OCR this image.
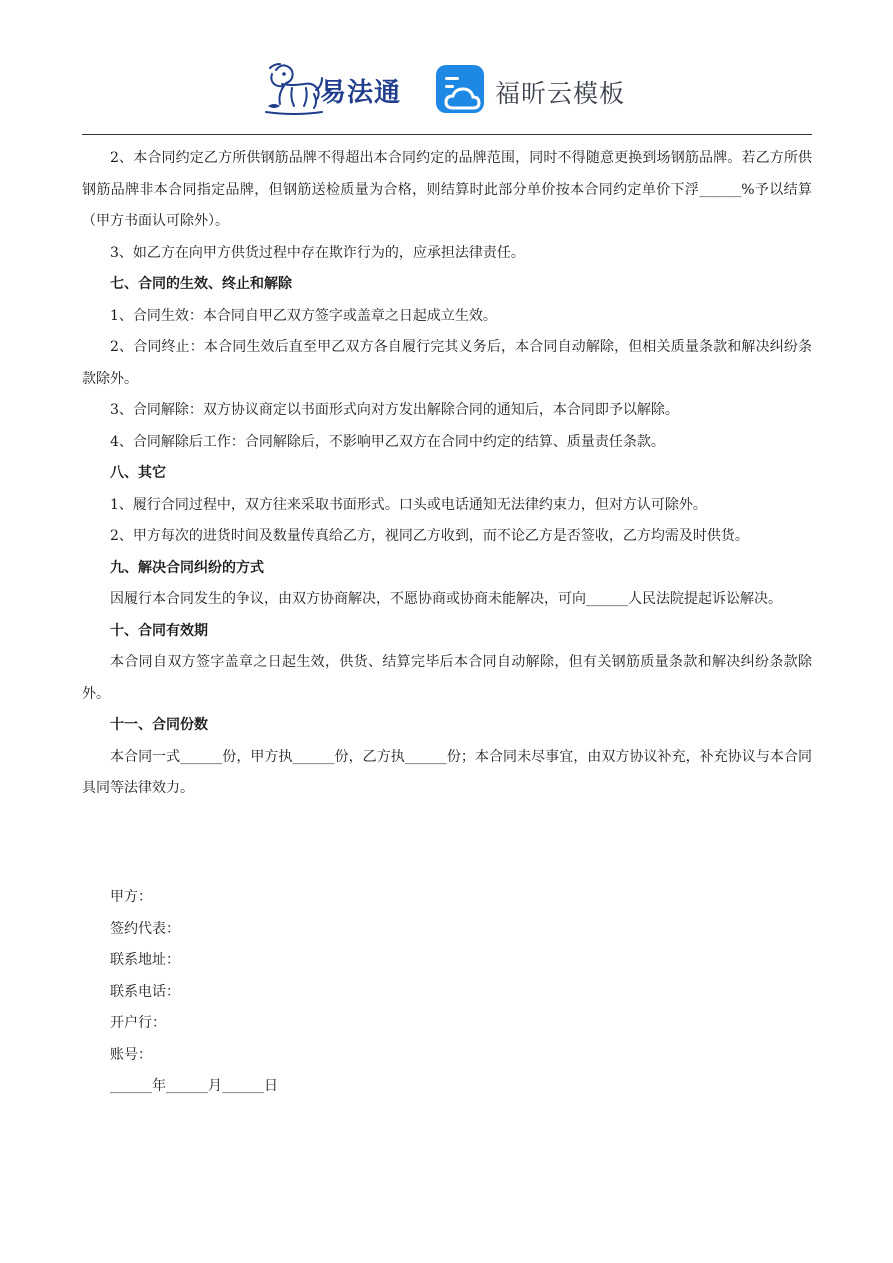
易法通	福昕云模板

2、本合同约定乙方所供钢筋品牌不得超出本合同约定的品牌范围，同时不得随意更换到场钢筋品牌。若乙方所供钢筋品牌非本合同指定品牌，但钢筋送检质量为合格，则结算时此部分单价按本合同约定单价下浮______%予以结算（甲方书面认可除外）。

3、如乙方在向甲方供货过程中存在欺诈行为的，应承担法律责任。

七、合同的生效、终止和解除

1、合同生效：本合同自甲乙双方签字或盖章之日起成立生效。

2、合同终止：本合同生效后直至甲乙双方各自履行完其义务后，本合同自动解除，但相关质量条款和解决纠纷条款除外。

3、合同解除：双方协议商定以书面形式向对方发出解除合同的通知后，本合同即予以解除。

4、合同解除后工作：合同解除后，不影响甲乙双方在合同中约定的结算、质量责任条款。

八、其它

1、履行合同过程中，双方往来采取书面形式。口头或电话通知无法律约束力，但对方认可除外。

2、甲方每次的进货时间及数量传真给乙方，视同乙方收到，而不论乙方是否签收，乙方均需及时供货。

九、解决合同纠纷的方式

因履行本合同发生的争议，由双方协商解决，不愿协商或协商未能解决，可向______人民法院提起诉讼解决。

十、合同有效期

本合同自双方签字盖章之日起生效，供货、结算完毕后本合同自动解除，但有关钢筋质量条款和解决纠纷条款除外。

十一、合同份数

本合同一式______份，甲方执______份，乙方执______份；本合同未尽事宜，由双方协议补充，补充协议与本合同具同等法律效力。

甲方：

签约代表：

联系地址：

联系电话：

开户行：

账号：

______年______月______日
